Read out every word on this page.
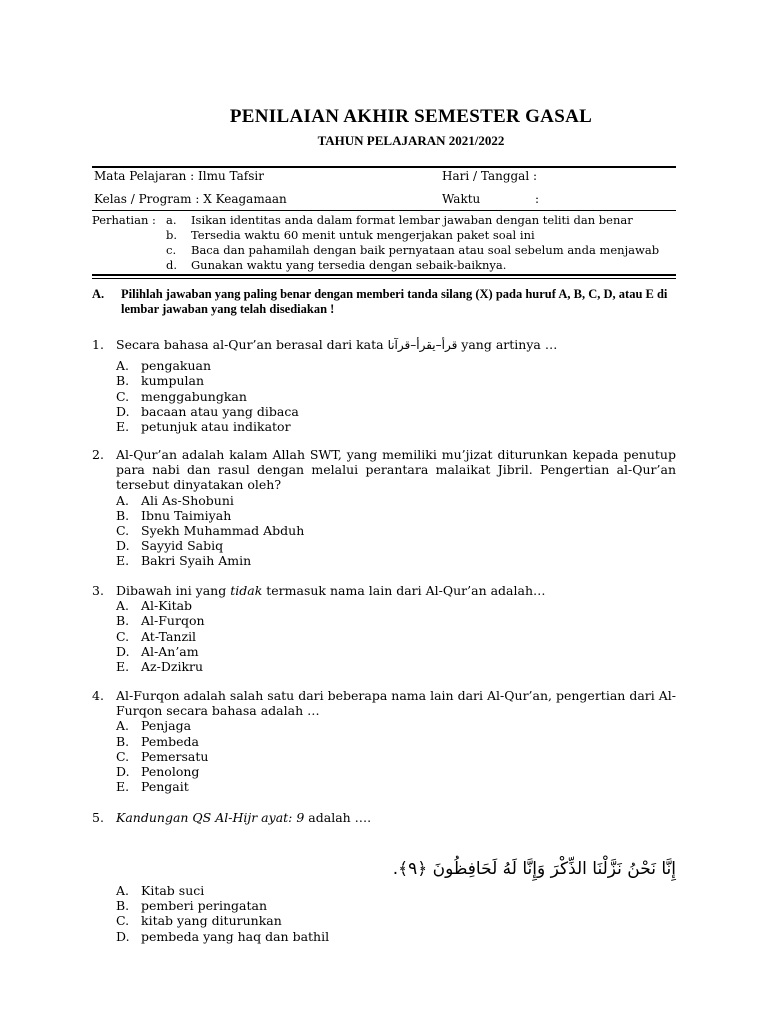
PENILAIAN AKHIR SEMESTER GASAL
TAHUN PELAJARAN 2021/2022
Mata Pelajaran : Ilmu Tafsir	Hari / Tanggal :
Kelas / Program : X Keagamaan	Waktu	:
Perhatian : a. Isikan identitas anda dalam format lembar jawaban dengan teliti dan benar
b. Tersedia waktu 60 menit untuk mengerjakan paket soal ini
c. Baca dan pahamilah dengan baik pernyataan atau soal sebelum anda menjawab
d. Gunakan waktu yang tersedia dengan sebaik-baiknya.
A. Pilihlah jawaban yang paling benar dengan memberi tanda silang (X) pada huruf A, B, C, D, atau E di lembar jawaban yang telah disediakan !
1. Secara bahasa al-Qur’an berasal dari kata قرأ–يقرأ–قرآنا yang artinya …
A. pengakuan
B. kumpulan
C. menggabungkan
D. bacaan atau yang dibaca
E. petunjuk atau indikator
2. Al-Qur’an adalah kalam Allah SWT, yang memiliki mu’jizat diturunkan kepada penutup para nabi dan rasul dengan melalui perantara malaikat Jibril. Pengertian al-Qur’an tersebut dinyatakan oleh?
A. Ali As-Shobuni
B. Ibnu Taimiyah
C. Syekh Muhammad Abduh
D. Sayyid Sabiq
E. Bakri Syaih Amin
3. Dibawah ini yang tidak termasuk nama lain dari Al-Qur’an adalah…
A. Al-Kitab
B. Al-Furqon
C. At-Tanzil
D. Al-An’am
E. Az-Dzikru
4. Al-Furqon adalah salah satu dari beberapa nama lain dari Al-Qur’an, pengertian dari Al-Furqon secara bahasa adalah …
A. Penjaga
B. Pembeda
C. Pemersatu
D. Penolong
E. Pengait
5. Kandungan QS Al-Hijr ayat: 9 adalah ….
إِنَّا نَحْنُ نَزَّلْنَا الذِّكْرَ وَإِنَّا لَهُ لَحَافِظُونَ ﴿٩﴾.
A. Kitab suci
B. pemberi peringatan
C. kitab yang diturunkan
D. pembeda yang haq dan bathil
